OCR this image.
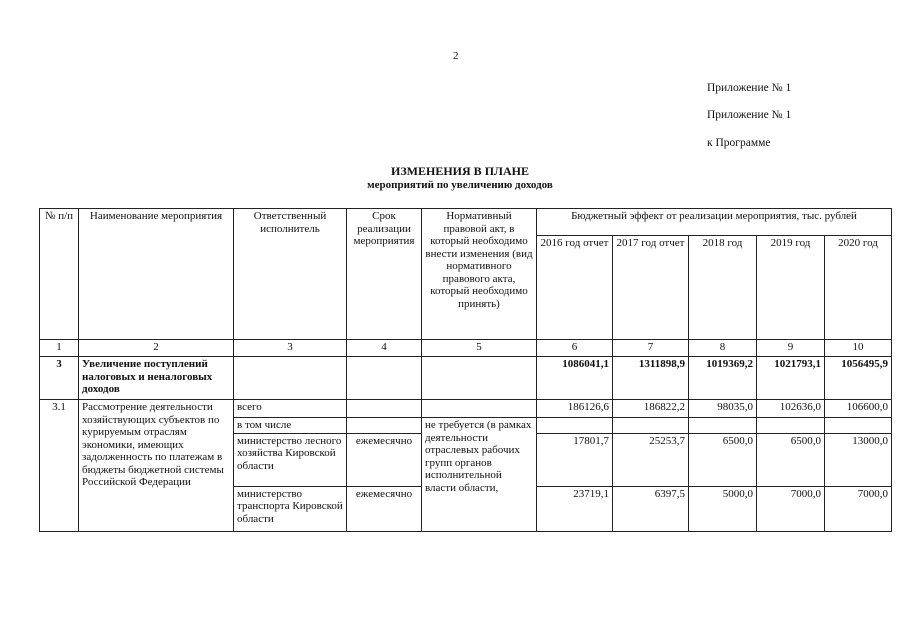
2
Приложение № 1
Приложение № 1
к Программе
ИЗМЕНЕНИЯ В ПЛАНЕ
мероприятий по увеличению доходов
№ п/п	Наименование мероприятия	Ответственный исполнитель	Срок реализации мероприятия	Нормативный правовой акт, в который необходимо внести изменения (вид нормативного правового акта, который необходимо принять)	Бюджетный эффект от реализации мероприятия, тыс. рублей				
					2016 год отчет	2017 год отчет	2018 год	2019 год	2020 год
1	2	3	4	5	6	7	8	9	10
3	Увеличение поступлений налоговых и неналоговых доходов				1086041,1	1311898,9	1019369,2	1021793,1	1056495,9
3.1	Рассмотрение деятельности хозяйствующих субъектов по курируемым отраслям экономики, имеющих задолженность по платежам в бюджеты бюджетной системы Российской Федерации	всего			186126,6	186822,2	98035,0	102636,0	106600,0
		в том числе		не требуется (в рамках деятельности отраслевых рабочих групп органов исполнительной власти области,					
		министерство лесного хозяйства Кировской области	ежемесячно		17801,7	25253,7	6500,0	6500,0	13000,0
		министерство транспорта Кировской области	ежемесячно		23719,1	6397,5	5000,0	7000,0	7000,0
